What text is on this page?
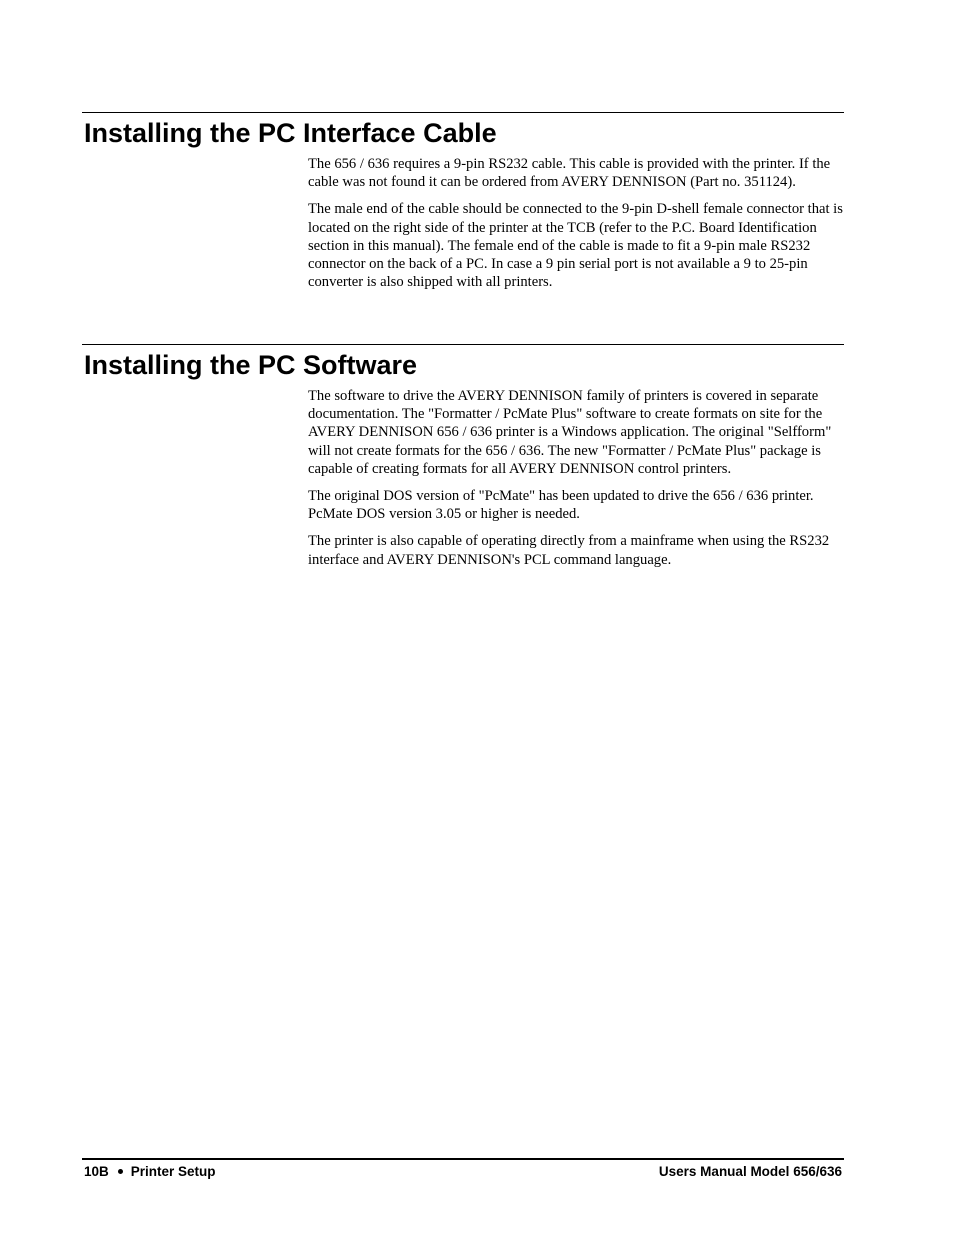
Installing the PC Interface Cable

The 656 / 636 requires a 9-pin RS232 cable. This cable is provided with the printer. If the cable was not found it can be ordered from AVERY DENNISON (Part no. 351124).

The male end of the cable should be connected to the 9-pin D-shell female connector that is located on the right side of the printer at the TCB (refer to the P.C. Board Identification section in this manual). The female end of the cable is made to fit a 9-pin male RS232 connector on the back of a PC. In case a 9 pin serial port is not available a 9 to 25-pin converter is also shipped with all printers.

Installing the PC Software

The software to drive the AVERY DENNISON family of printers is covered in separate documentation. The "Formatter / PcMate Plus" software to create formats on site for the AVERY DENNISON 656 / 636 printer is a Windows application. The original "Selfform" will not create formats for the 656 / 636. The new "Formatter / PcMate Plus" package is capable of creating formats for all AVERY DENNISON control printers.

The original DOS version of "PcMate" has been updated to drive the 656 / 636 printer. PcMate DOS version 3.05 or higher is needed.

The printer is also capable of operating directly from a mainframe when using the RS232 interface and AVERY DENNISON's PCL command language.

10B Printer Setup	Users Manual Model 656/636
